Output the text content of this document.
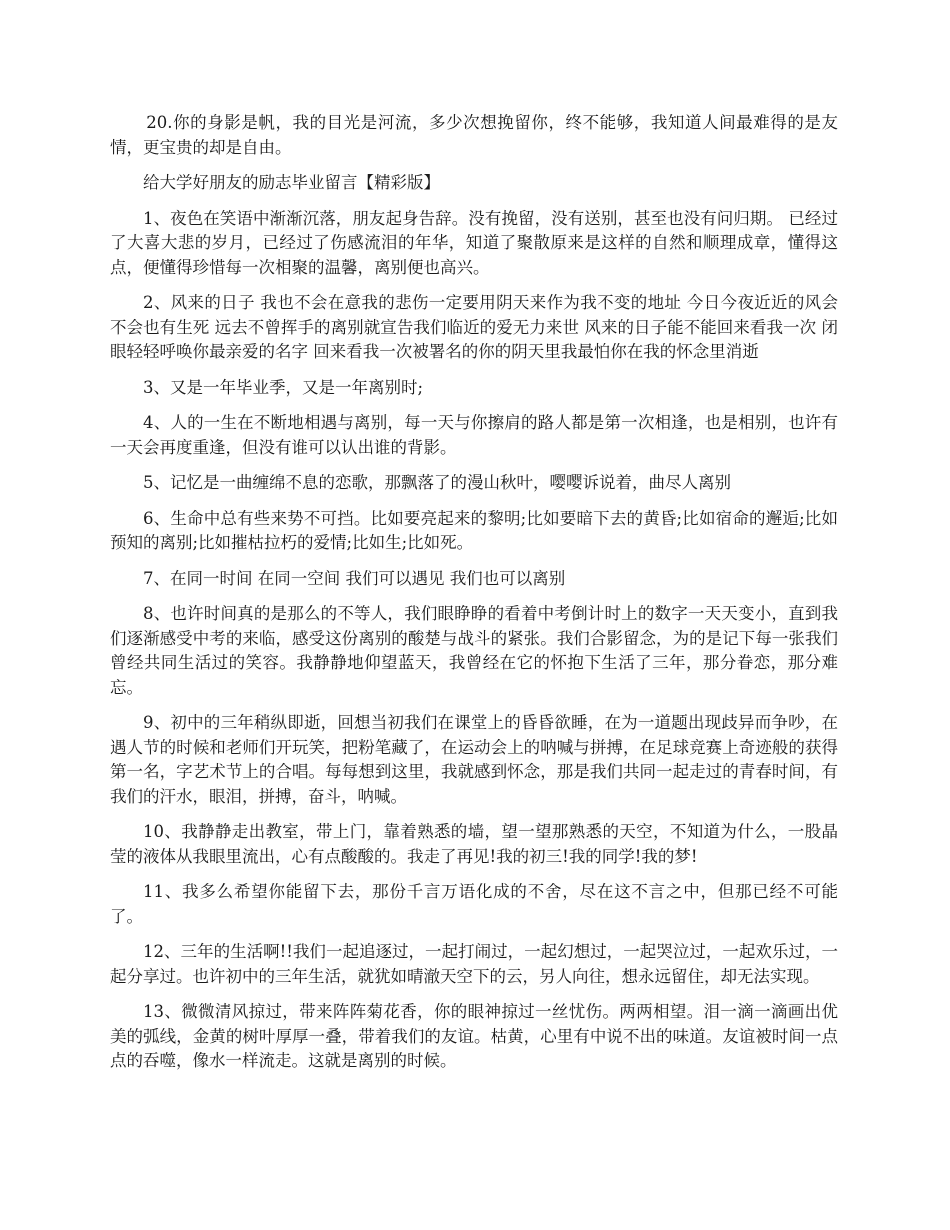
20.你的身影是帆，我的目光是河流，多少次想挽留你，终不能够，我知道人间最难得的是友情，更宝贵的却是自由。

给大学好朋友的励志毕业留言【精彩版】

1、夜色在笑语中渐渐沉落，朋友起身告辞。没有挽留，没有送别，甚至也没有问归期。 已经过了大喜大悲的岁月，已经过了伤感流泪的年华，知道了聚散原来是这样的自然和顺理成章，懂得这点，便懂得珍惜每一次相聚的温馨，离别便也高兴。

2、风来的日子 我也不会在意我的悲伤一定要用阴天来作为我不变的地址 今日今夜近近的风会不会也有生死 远去不曾挥手的离别就宣告我们临近的爱无力来世 风来的日子能不能回来看我一次 闭眼轻轻呼唤你最亲爱的名字 回来看我一次被署名的你的阴天里我最怕你在我的怀念里消逝

3、又是一年毕业季，又是一年离别时;

4、人的一生在不断地相遇与离别，每一天与你擦肩的路人都是第一次相逢，也是相别，也许有一天会再度重逢，但没有谁可以认出谁的背影。

5、记忆是一曲缠绵不息的恋歌，那飘落了的漫山秋叶，嘤嘤诉说着，曲尽人离别

6、生命中总有些来势不可挡。比如要亮起来的黎明;比如要暗下去的黄昏;比如宿命的邂逅;比如预知的离别;比如摧枯拉朽的爱情;比如生;比如死。

7、在同一时间 在同一空间 我们可以遇见 我们也可以离别

8、也许时间真的是那么的不等人，我们眼睁睁的看着中考倒计时上的数字一天天变小，直到我们逐渐感受中考的来临，感受这份离别的酸楚与战斗的紧张。我们合影留念，为的是记下每一张我们曾经共同生活过的笑容。我静静地仰望蓝天，我曾经在它的怀抱下生活了三年，那分眷恋，那分难忘。

9、初中的三年稍纵即逝，回想当初我们在课堂上的昏昏欲睡，在为一道题出现歧异而争吵，在遇人节的时候和老师们开玩笑，把粉笔藏了，在运动会上的呐喊与拼搏，在足球竞赛上奇迹般的获得第一名，字艺术节上的合唱。每每想到这里，我就感到怀念，那是我们共同一起走过的青春时间，有我们的汗水，眼泪，拼搏，奋斗，呐喊。

10、我静静走出教室，带上门，靠着熟悉的墙，望一望那熟悉的天空，不知道为什么，一股晶莹的液体从我眼里流出，心有点酸酸的。我走了再见!我的初三!我的同学!我的梦!

11、我多么希望你能留下去，那份千言万语化成的不舍，尽在这不言之中，但那已经不可能了。

12、三年的生活啊!!我们一起追逐过，一起打闹过，一起幻想过，一起哭泣过，一起欢乐过，一起分享过。也许初中的三年生活，就犹如晴澈天空下的云，另人向往，想永远留住，却无法实现。

13、微微清风掠过，带来阵阵菊花香，你的眼神掠过一丝忧伤。两两相望。泪一滴一滴画出优美的弧线，金黄的树叶厚厚一叠，带着我们的友谊。枯黄，心里有中说不出的味道。友谊被时间一点点的吞噬，像水一样流走。这就是离别的时候。
